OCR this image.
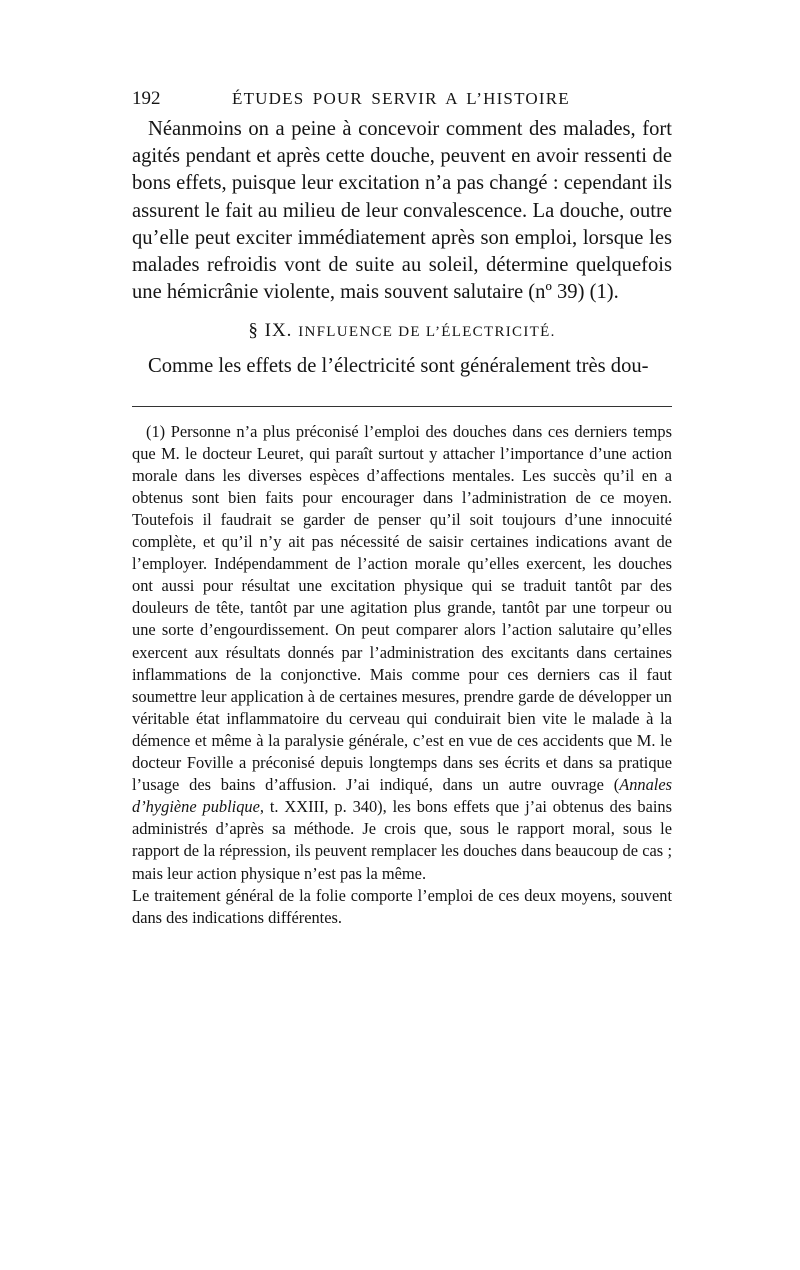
192	ÉTUDES POUR SERVIR A L’HISTOIRE

Néanmoins on a peine à concevoir comment des malades, fort agités pendant et après cette douche, peuvent en avoir ressenti de bons effets, puisque leur excitation n’a pas changé : cependant ils assurent le fait au milieu de leur convalescence. La douche, outre qu’elle peut exciter immédiatement après son emploi, lorsque les malades refroidis vont de suite au soleil, détermine quelquefois une hémicrânie violente, mais souvent salutaire (nº 39) (1).

§ IX. INFLUENCE DE L’ÉLECTRICITÉ.

Comme les effets de l’électricité sont généralement très dou-

(1) Personne n’a plus préconisé l’emploi des douches dans ces derniers temps que M. le docteur Leuret, qui paraît surtout y attacher l’importance d’une action morale dans les diverses espèces d’affections mentales. Les succès qu’il en a obtenus sont bien faits pour encourager dans l’administration de ce moyen. Toutefois il faudrait se garder de penser qu’il soit toujours d’une innocuité complète, et qu’il n’y ait pas nécessité de saisir certaines indications avant de l’employer. Indépendamment de l’action morale qu’elles exercent, les douches ont aussi pour résultat une excitation physique qui se traduit tantôt par des douleurs de tête, tantôt par une agitation plus grande, tantôt par une torpeur ou une sorte d’engourdissement. On peut comparer alors l’action salutaire qu’elles exercent aux résultats donnés par l’administration des excitants dans certaines inflammations de la conjonctive. Mais comme pour ces derniers cas il faut soumettre leur application à de certaines mesures, prendre garde de développer un véritable état inflammatoire du cerveau qui conduirait bien vite le malade à la démence et même à la paralysie générale, c’est en vue de ces accidents que M. le docteur Foville a préconisé depuis longtemps dans ses écrits et dans sa pratique l’usage des bains d’affusion. J’ai indiqué, dans un autre ouvrage (Annales d’hygiène publique, t. XXIII, p. 340), les bons effets que j’ai obtenus des bains administrés d’après sa méthode. Je crois que, sous le rapport moral, sous le rapport de la répression, ils peuvent remplacer les douches dans beaucoup de cas ; mais leur action physique n’est pas la même.

Le traitement général de la folie comporte l’emploi de ces deux moyens, souvent dans des indications différentes.
